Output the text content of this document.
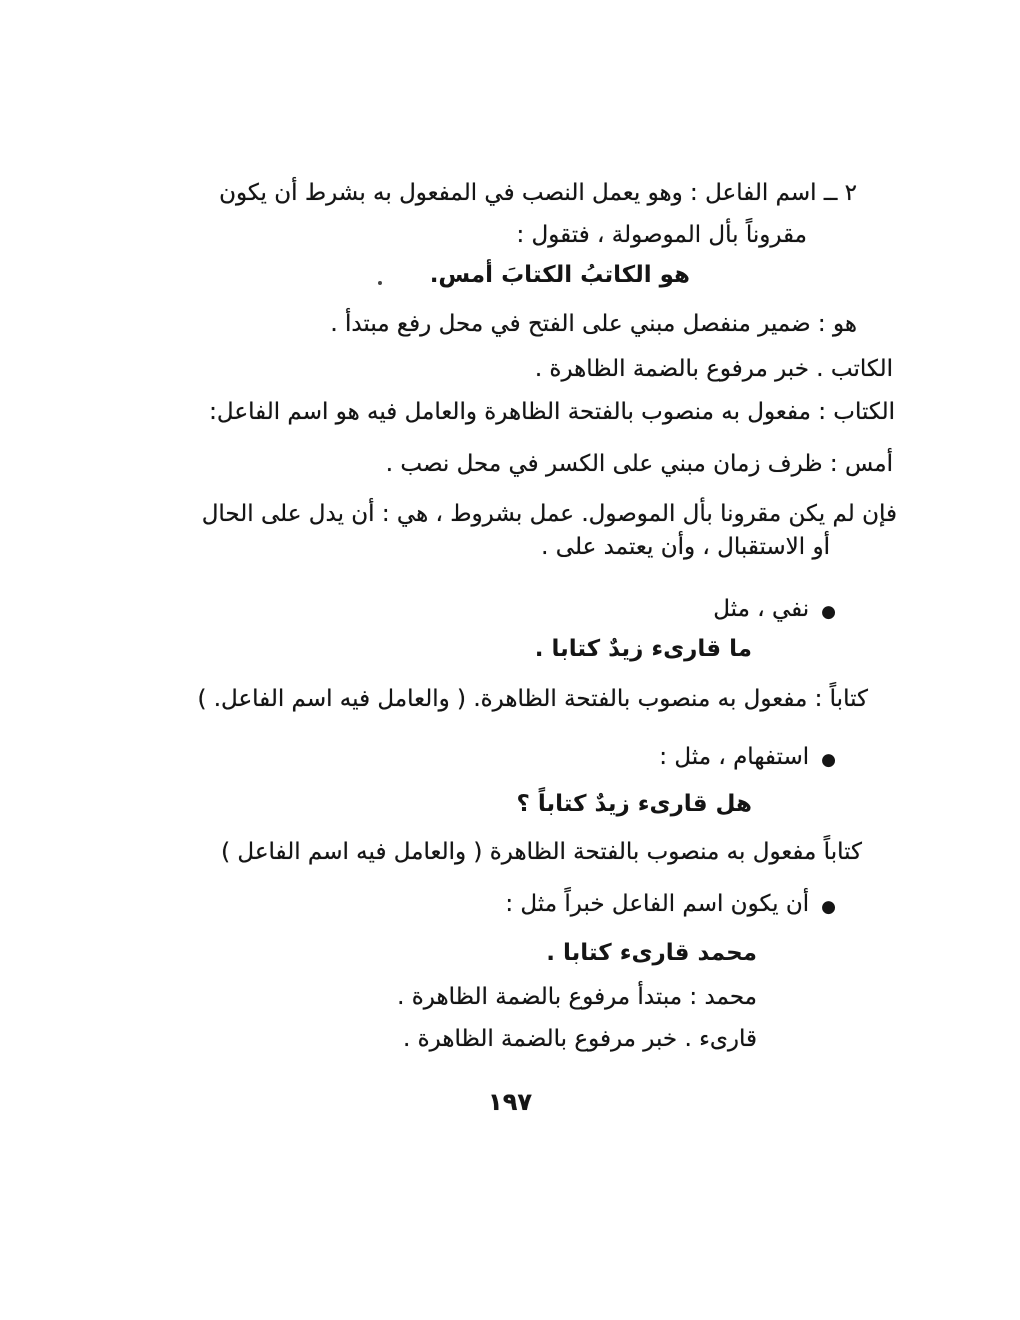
٢ ــ اسم الفاعل : وهو يعمل النصب في المفعول به بشرط أن يكون
مقروناً بأل الموصولة ، فتقول :
هو الكاتبُ الكتابَ أمس.
هو : ضمير منفصل مبني على الفتح في محل رفع مبتدأ .
الكاتب . خبر مرفوع بالضمة الظاهرة .
الكتاب : مفعول به منصوب بالفتحة الظاهرة والعامل فيه هو اسم الفاعل:
أمس : ظرف زمان مبني على الكسر في محل نصب .
فإن لم يكن مقرونا بأل الموصول. عمل بشروط ، هي : أن يدل على الحال
أو الاستقبال ، وأن يعتمد على .
●نفي ، مثل
ما قارىء زيدٌ كتابا .
كتاباً : مفعول به منصوب بالفتحة الظاهرة. ( والعامل فيه اسم الفاعل. )
●استفهام ، مثل :
هل قارىء زيدٌ كتاباً ؟
كتاباً مفعول به منصوب بالفتحة الظاهرة ( والعامل فيه اسم الفاعل )
●أن يكون اسم الفاعل خبراً مثل :
محمد قارىء كتابا .
محمد : مبتدأ مرفوع بالضمة الظاهرة .
قارىء . خبر مرفوع بالضمة الظاهرة .
١٩٧
